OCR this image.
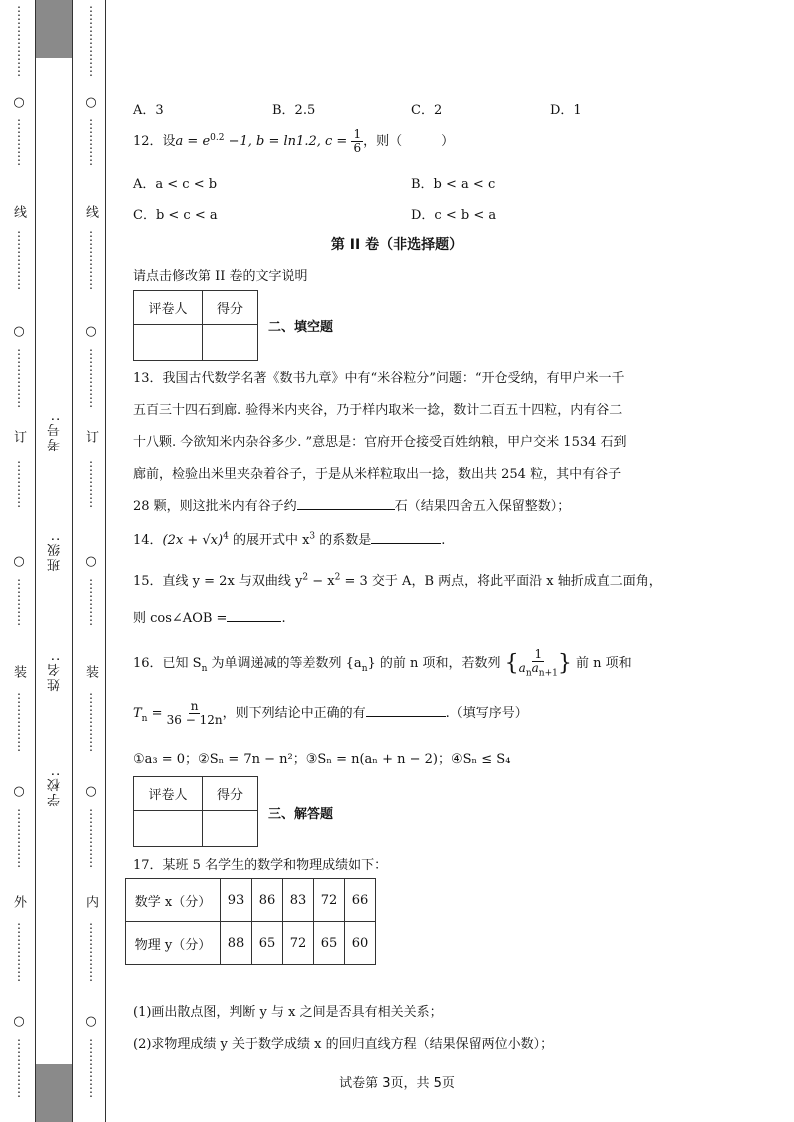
⋮
⋮
⋮
⋮
⋮
⋮
○
⋮
⋮
⋮
⋮
线
⋮
⋮
⋮
⋮
⋮
○
⋮
⋮
⋮
⋮
⋮
订
⋮
⋮
⋮
⋮
○
⋮
⋮
⋮
⋮
装
⋮
⋮
⋮
⋮
⋮
○
⋮
⋮
⋮
⋮
⋮
外
⋮
⋮
⋮
⋮
⋮
○
⋮
⋮
⋮
⋮
⋮
考号:
班级:
姓名:
学校:
⋮
⋮
⋮
⋮
⋮
⋮
○
⋮
⋮
⋮
⋮
线
⋮
⋮
⋮
⋮
⋮
○
⋮
⋮
⋮
⋮
⋮
订
⋮
⋮
⋮
⋮
○
⋮
⋮
⋮
⋮
装
⋮
⋮
⋮
⋮
⋮
○
⋮
⋮
⋮
⋮
⋮
内
⋮
⋮
⋮
⋮
⋮
○
⋮
⋮
⋮
⋮
⋮
A．3	B．2.5	C．2	D．1
12．设$a = e^{0.2} -1$, b = ln1.2, $c = \frac{1}{6}$ ，则（　　　）
A．a < c < b	B．b < a < c
C．b < c < a	D．c < b < a
第 II 卷（非选择题）
请点击修改第 II 卷的文字说明
评卷人	得分

二、填空题
13．我国古代数学名著《数书九章》中有“米谷粒分”问题：“开仓受纳，有甲户米一千
五百三十四石到廊. 验得米内夹谷，乃于样内取米一捻，数计二百五十四粒，内有谷二
十八颗. 今欲知米内杂谷多少. ”意思是：官府开仓接受百姓纳粮，甲户交米 1534 石到
廊前，检验出米里夹杂着谷子，于是从米样粒取出一捻，数出共 254 粒，其中有谷子
28 颗，则这批米内有谷子约	石（结果四舍五入保留整数）；
14．$(2x + √x)^4$ 的展开式中 $x^3$ 的系数是	.
15．直线 y = 2x 与双曲线 $y^2 - x^2 = 3$ 交于 A，B 两点，将此平面沿 x 轴折成直二面角，
则 cos∠AOB =	.
16．已知 $S_n$ 为单调递减的等差数列 $\{a_n\}$ 的前 n 项和，若数列 { $\frac{1}{a_na_{n+1}}$ } 前 n 项和
$T_n = \frac{n}{36 - 12n}$ ，则下列结论中正确的有	.（填写序号）
①a₃ = 0；②Sₙ = 7n − n²；③Sₙ = n(aₙ + n − 2)；④Sₙ ≤ S₄
评卷人	得分

三、解答题
17．某班 5 名学生的数学和物理成绩如下：
数学 x（分）	93	86	83	72	66
物理 y（分）	88	65	72	65	60
(1)画出散点图，判断 y 与 x 之间是否具有相关关系；
(2)求物理成绩 y 关于数学成绩 x 的回归直线方程（结果保留两位小数）；
试卷第 3页，共 5页
